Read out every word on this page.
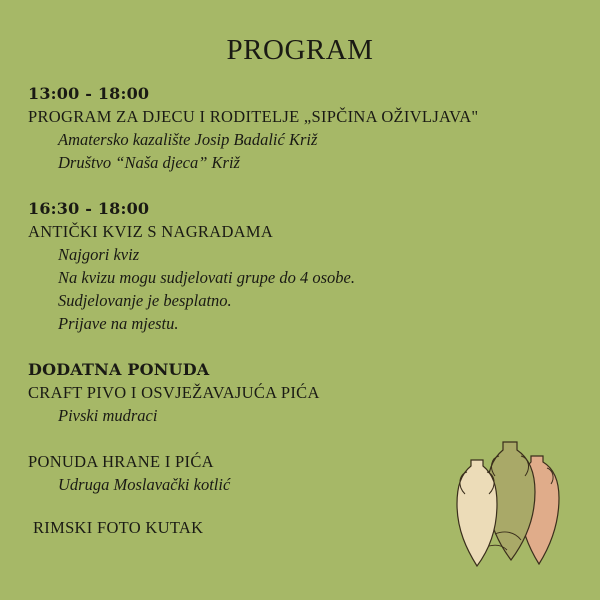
PROGRAM
13:00 - 18:00
PROGRAM ZA DJECU I RODITELJE „SIPČINA OŽIVLJAVA"
Amatersko kazalište Josip Badalić Križ
Društvo “Naša djeca” Križ
16:30 - 18:00
ANTIČKI KVIZ S NAGRADAMA
Najgori kviz
Na kvizu mogu sudjelovati grupe do 4 osobe.
Sudjelovanje je besplatno.
Prijave na mjestu.
DODATNA PONUDA
CRAFT PIVO I OSVJEŽAVAJUĆA PIĆA
Pivski mudraci
PONUDA HRANE I PIĆA
Udruga Moslavački kotlić
RIMSKI FOTO KUTAK
